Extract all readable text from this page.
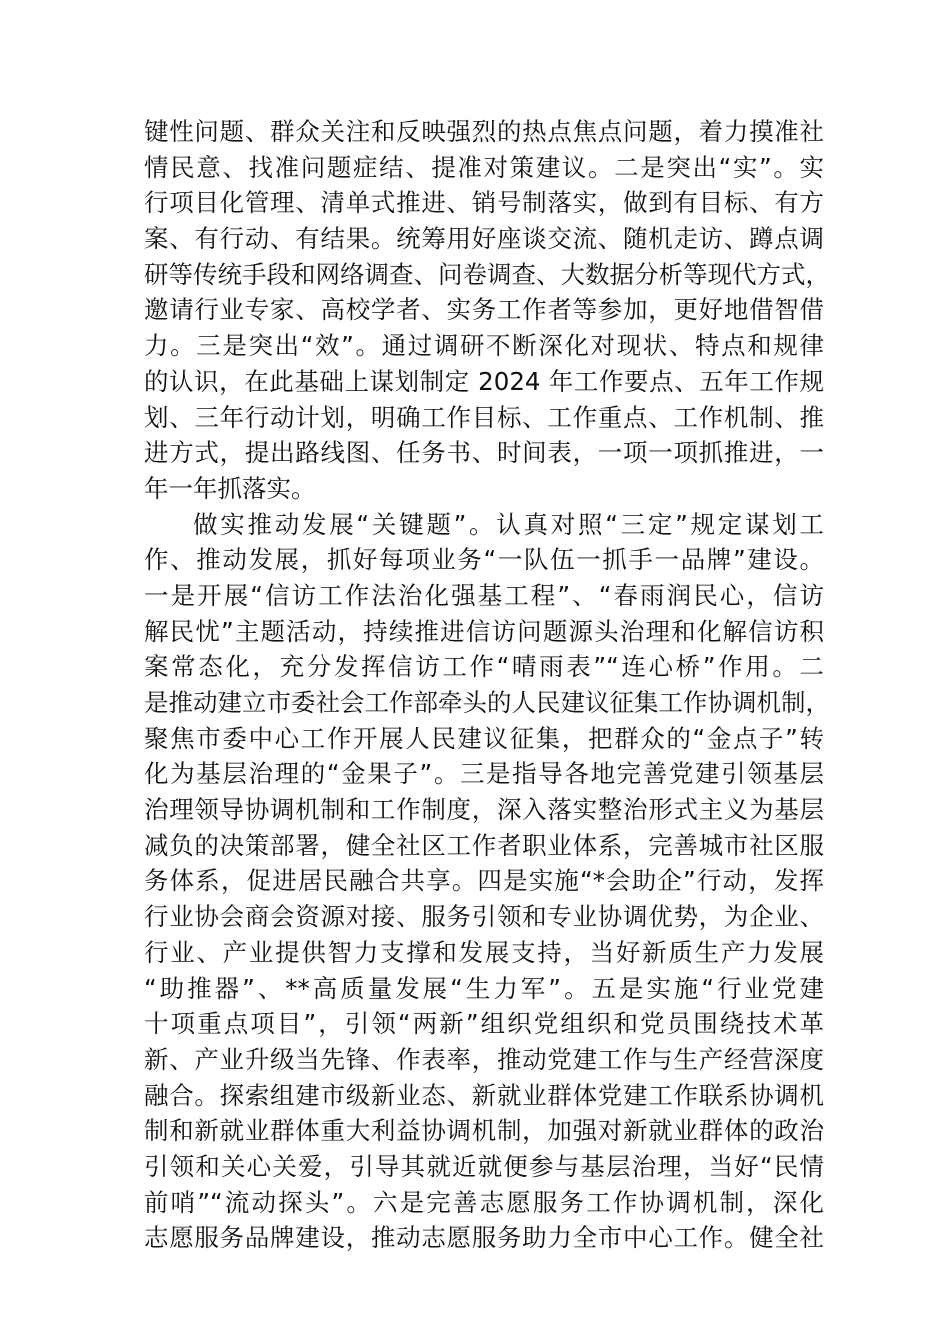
键性问题、群众关注和反映强烈的热点焦点问题，着力摸准社
情民意、找准问题症结、提准对策建议。二是突出“实”。实
行项目化管理、清单式推进、销号制落实，做到有目标、有方
案、有行动、有结果。统筹用好座谈交流、随机走访、蹲点调
研等传统手段和网络调查、问卷调查、大数据分析等现代方式，
邀请行业专家、高校学者、实务工作者等参加，更好地借智借
力。三是突出“效”。通过调研不断深化对现状、特点和规律
的认识，在此基础上谋划制定 2024 年工作要点、五年工作规
划、三年行动计划，明确工作目标、工作重点、工作机制、推
进方式，提出路线图、任务书、时间表，一项一项抓推进，一
年一年抓落实。
做实推动发展“关键题”。认真对照“三定”规定谋划工
作、推动发展，抓好每项业务“一队伍一抓手一品牌”建设。
一是开展“信访工作法治化强基工程”、“春雨润民心，信访
解民忧”主题活动，持续推进信访问题源头治理和化解信访积
案常态化，充分发挥信访工作“晴雨表”“连心桥”作用。二
是推动建立市委社会工作部牵头的人民建议征集工作协调机制，
聚焦市委中心工作开展人民建议征集，把群众的“金点子”转
化为基层治理的“金果子”。三是指导各地完善党建引领基层
治理领导协调机制和工作制度，深入落实整治形式主义为基层
减负的决策部署，健全社区工作者职业体系，完善城市社区服
务体系，促进居民融合共享。四是实施“*会助企”行动，发挥
行业协会商会资源对接、服务引领和专业协调优势，为企业、
行业、产业提供智力支撑和发展支持，当好新质生产力发展
“助推器”、**高质量发展“生力军”。五是实施“行业党建
十项重点项目”，引领“两新”组织党组织和党员围绕技术革
新、产业升级当先锋、作表率，推动党建工作与生产经营深度
融合。探索组建市级新业态、新就业群体党建工作联系协调机
制和新就业群体重大利益协调机制，加强对新就业群体的政治
引领和关心关爱，引导其就近就便参与基层治理，当好“民情
前哨”“流动探头”。六是完善志愿服务工作协调机制，深化
志愿服务品牌建设，推动志愿服务助力全市中心工作。健全社
